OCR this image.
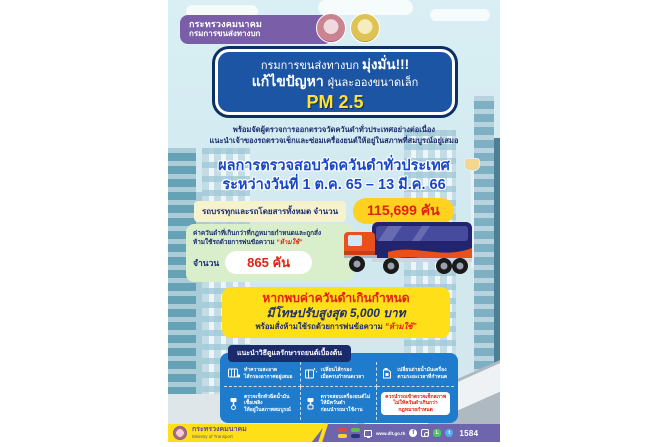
กระทรวงคมนาคม
กรมการขนส่งทางบก
กรมการขนส่งทางบก มุ่งมั่น!!!
แก้ไขปัญหา ฝุ่นละอองขนาดเล็ก
PM 2.5
พร้อมจัดผู้ตรวจการออกตรวจวัดควันดำทั่วประเทศอย่างต่อเนื่อง
แนะนำเจ้าของรถตรวจเช็กและซ่อมเครื่องยนต์ให้อยู่ในสภาพที่สมบูรณ์อยู่เสมอ
ผลการตรวจสอบวัดควันดำทั่วประเทศ
ระหว่างวันที่ 1 ต.ค. 65 – 13 มี.ค. 66
รถบรรทุกและรถโดยสารทั้งหมด จำนวน	115,699 คัน
ค่าควันดำที่เกินกว่าที่กฎหมายกำหนดและถูกสั่ง
ห้ามใช้รถด้วยการพ่นข้อความ “ห้ามใช้”
จำนวน	865 คัน
หากพบค่าควันดำเกินกำหนด
มีโทษปรับสูงสุด 5,000 บาท
พร้อมสั่งห้ามใช้รถด้วยการพ่นข้อความ “ห้ามใช้”
แนะนำวิธีดูแลรักษารถยนต์เบื้องต้น
ทำความสะอาด
ไส้กรองอากาศอยู่เสมอ
เปลี่ยนไส้กรอง
เมื่อครบกำหนดเวลา
เปลี่ยนถ่ายน้ำมันเครื่อง
ตามระยะเวลาที่กำหนด
ตรวจเช็กหัวฉีดน้ำมันเชื้อเพลิง
ให้อยู่ในสภาพสมบูรณ์
ตรวจสอบเครื่องยนต์ไม่ให้มีควันดำ
ก่อนนำรถมาใช้งาน
ควรนำรถเข้าตรวจเช็กสภาพ
ไม่ให้ควันดำเกินกว่ากฎหมายกำหนด
กระทรวงคมนาคม
Ministry of Transport
www.dlt.go.th	f	L	t	1584
